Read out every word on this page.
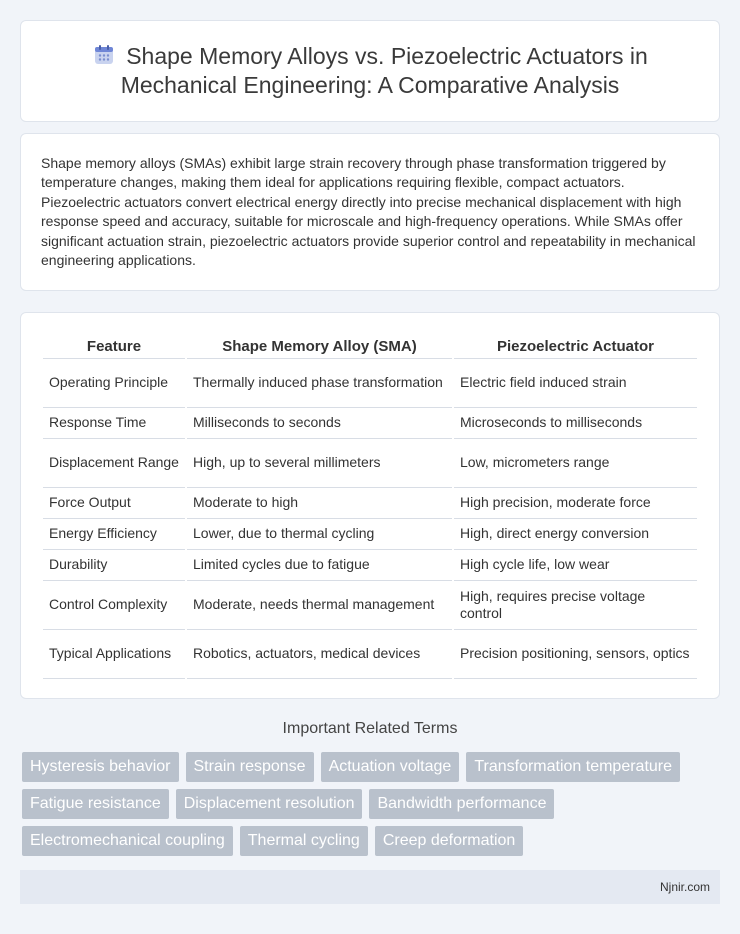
Shape Memory Alloys vs. Piezoelectric Actuators in Mechanical Engineering: A Comparative Analysis

Shape memory alloys (SMAs) exhibit large strain recovery through phase transformation triggered by temperature changes, making them ideal for applications requiring flexible, compact actuators. Piezoelectric actuators convert electrical energy directly into precise mechanical displacement with high response speed and accuracy, suitable for microscale and high-frequency operations. While SMAs offer significant actuation strain, piezoelectric actuators provide superior control and repeatability in mechanical engineering applications.

Feature	Shape Memory Alloy (SMA)	Piezoelectric Actuator
Operating Principle	Thermally induced phase transformation	Electric field induced strain
Response Time	Milliseconds to seconds	Microseconds to milliseconds
Displacement Range	High, up to several millimeters	Low, micrometers range
Force Output	Moderate to high	High precision, moderate force
Energy Efficiency	Lower, due to thermal cycling	High, direct energy conversion
Durability	Limited cycles due to fatigue	High cycle life, low wear
Control Complexity	Moderate, needs thermal management	High, requires precise voltage control
Typical Applications	Robotics, actuators, medical devices	Precision positioning, sensors, optics
Important Related Terms
Hysteresis behavior	Strain response	Actuation voltage	Transformation temperature
Fatigue resistance	Displacement resolution	Bandwidth performance
Electromechanical coupling	Thermal cycling	Creep deformation
Njnir.com
